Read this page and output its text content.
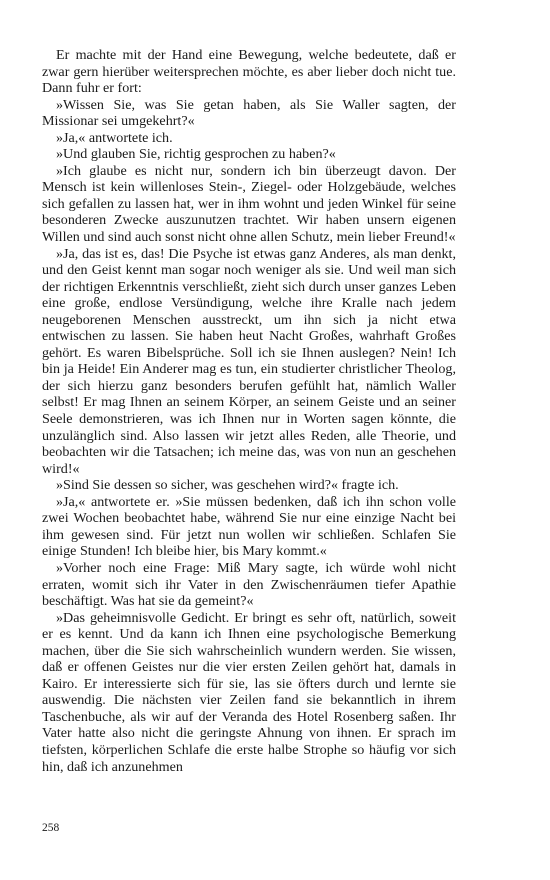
Er machte mit der Hand eine Bewegung, welche bedeutete, daß er zwar gern hierüber weitersprechen möchte, es aber lieber doch nicht tue. Dann fuhr er fort:

»Wissen Sie, was Sie getan haben, als Sie Waller sagten, der Missionar sei umgekehrt?«

»Ja,« antwortete ich.

»Und glauben Sie, richtig gesprochen zu haben?«

»Ich glaube es nicht nur, sondern ich bin überzeugt davon. Der Mensch ist kein willenloses Stein-, Ziegel- oder Holzgebäude, welches sich gefallen zu lassen hat, wer in ihm wohnt und jeden Winkel für seine besonderen Zwecke auszunutzen trachtet. Wir haben unsern eigenen Willen und sind auch sonst nicht ohne allen Schutz, mein lieber Freund!«

»Ja, das ist es, das! Die Psyche ist etwas ganz Anderes, als man denkt, und den Geist kennt man sogar noch weniger als sie. Und weil man sich der richtigen Erkenntnis verschließt, zieht sich durch unser ganzes Leben eine große, endlose Versündigung, welche ihre Kralle nach jedem neugeborenen Menschen ausstreckt, um ihn sich ja nicht etwa entwischen zu lassen. Sie haben heut Nacht Großes, wahrhaft Großes gehört. Es waren Bibelsprüche. Soll ich sie Ihnen auslegen? Nein! Ich bin ja Heide! Ein Anderer mag es tun, ein studierter christlicher Theolog, der sich hierzu ganz besonders berufen gefühlt hat, nämlich Waller selbst! Er mag Ihnen an seinem Körper, an seinem Geiste und an seiner Seele demonstrieren, was ich Ihnen nur in Worten sagen könnte, die unzulänglich sind. Also lassen wir jetzt alles Reden, alle Theorie, und beobachten wir die Tatsachen; ich meine das, was von nun an geschehen wird!«

»Sind Sie dessen so sicher, was geschehen wird?« fragte ich.

»Ja,« antwortete er. »Sie müssen bedenken, daß ich ihn schon volle zwei Wochen beobachtet habe, während Sie nur eine einzige Nacht bei ihm gewesen sind. Für jetzt nun wollen wir schließen. Schlafen Sie einige Stunden! Ich bleibe hier, bis Mary kommt.«

»Vorher noch eine Frage: Miß Mary sagte, ich würde wohl nicht erraten, womit sich ihr Vater in den Zwischenräumen tiefer Apathie beschäftigt. Was hat sie da gemeint?«

»Das geheimnisvolle Gedicht. Er bringt es sehr oft, natürlich, soweit er es kennt. Und da kann ich Ihnen eine psychologische Bemerkung machen, über die Sie sich wahrscheinlich wundern werden. Sie wissen, daß er offenen Geistes nur die vier ersten Zeilen gehört hat, damals in Kairo. Er interessierte sich für sie, las sie öfters durch und lernte sie auswendig. Die nächsten vier Zeilen fand sie bekanntlich in ihrem Taschenbuche, als wir auf der Veranda des Hotel Rosenberg saßen. Ihr Vater hatte also nicht die geringste Ahnung von ihnen. Er sprach im tiefsten, körperlichen Schlafe die erste halbe Strophe so häufig vor sich hin, daß ich anzunehmen

258
